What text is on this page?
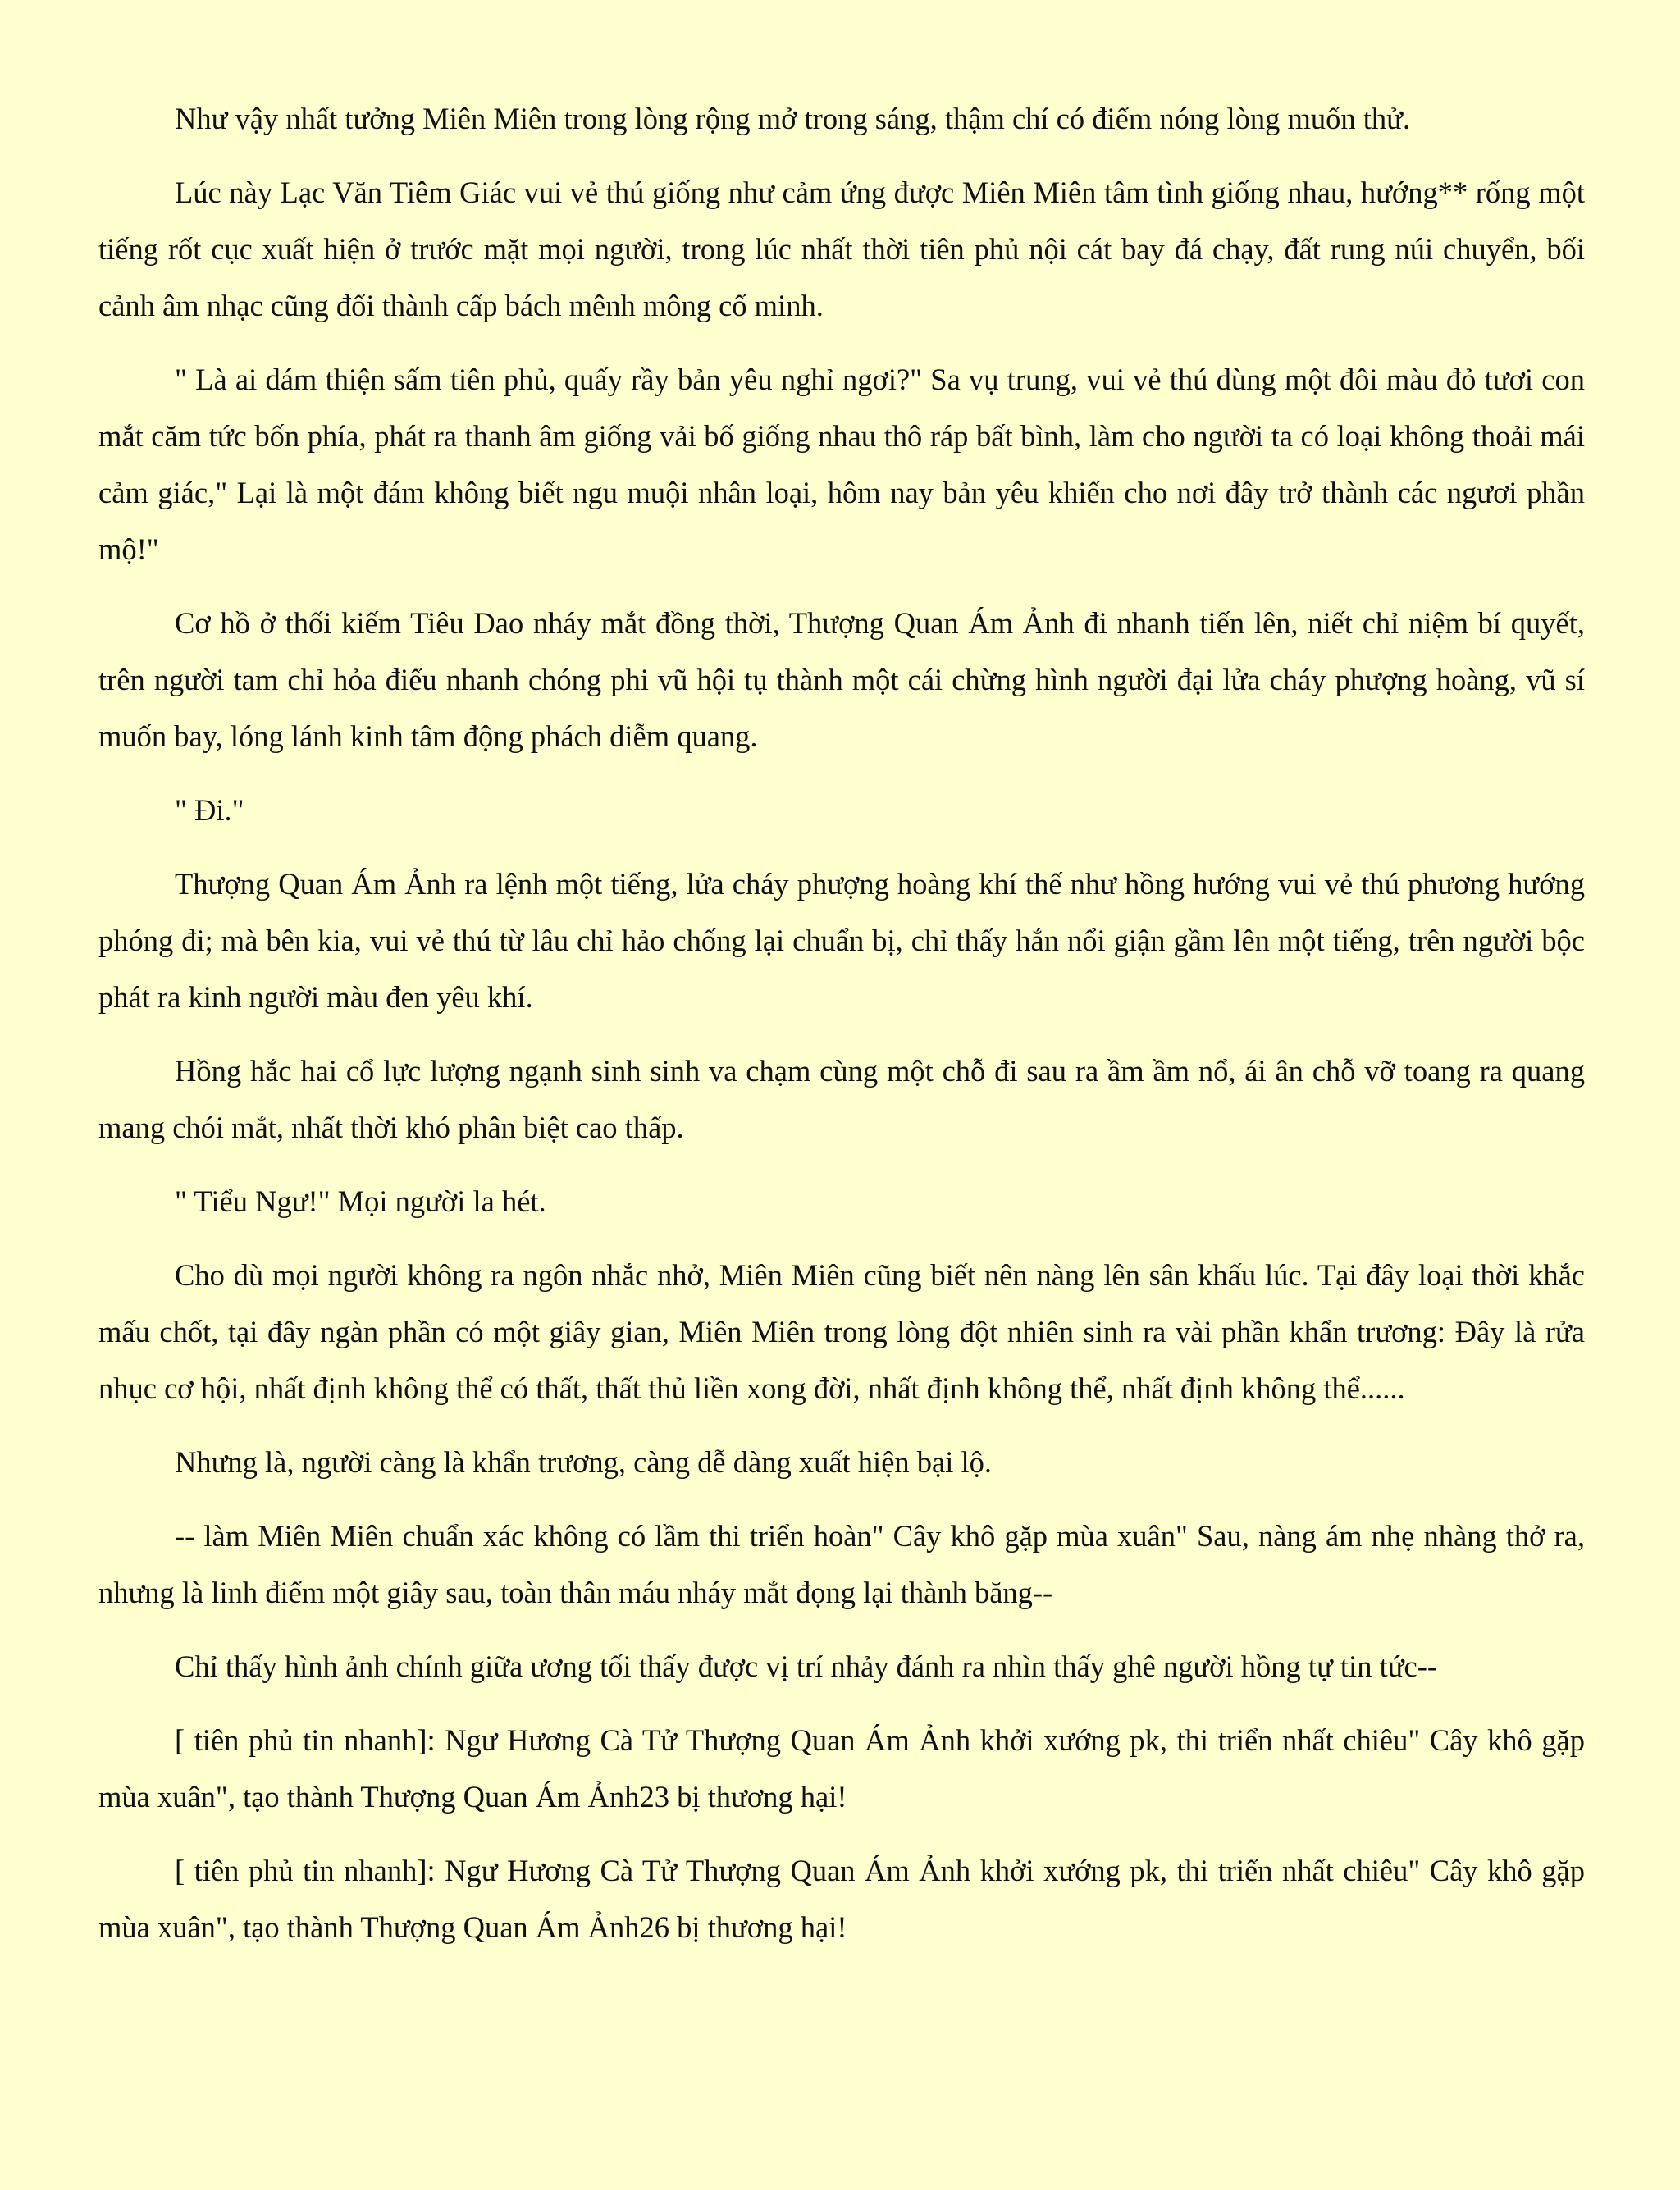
Như vậy nhất tưởng Miên Miên trong lòng rộng mở trong sáng, thậm chí có điểm nóng lòng muốn thử.

Lúc này Lạc Văn Tiêm Giác vui vẻ thú giống như cảm ứng được Miên Miên tâm tình giống nhau, hướng** rống một tiếng rốt cục xuất hiện ở trước mặt mọi người, trong lúc nhất thời tiên phủ nội cát bay đá chạy, đất rung núi chuyển, bối cảnh âm nhạc cũng đổi thành cấp bách mênh mông cổ minh.

" Là ai dám thiện sấm tiên phủ, quấy rầy bản yêu nghỉ ngơi?" Sa vụ trung, vui vẻ thú dùng một đôi màu đỏ tươi con mắt căm tức bốn phía, phát ra thanh âm giống vải bố giống nhau thô ráp bất bình, làm cho người ta có loại không thoải mái cảm giác," Lại là một đám không biết ngu muội nhân loại, hôm nay bản yêu khiến cho nơi đây trở thành các ngươi phần mộ!"

Cơ hồ ở thối kiếm Tiêu Dao nháy mắt đồng thời, Thượng Quan Ám Ảnh đi nhanh tiến lên, niết chỉ niệm bí quyết, trên người tam chỉ hỏa điểu nhanh chóng phi vũ hội tụ thành một cái chừng hình người đại lửa cháy phượng hoàng, vũ sí muốn bay, lóng lánh kinh tâm động phách diễm quang.

" Đi."

Thượng Quan Ám Ảnh ra lệnh một tiếng, lửa cháy phượng hoàng khí thế như hồng hướng vui vẻ thú phương hướng phóng đi; mà bên kia, vui vẻ thú từ lâu chỉ hảo chống lại chuẩn bị, chỉ thấy hắn nổi giận gầm lên một tiếng, trên người bộc phát ra kinh người màu đen yêu khí.

Hồng hắc hai cổ lực lượng ngạnh sinh sinh va chạm cùng một chỗ đi sau ra ầm ầm nổ, ái ân chỗ vỡ toang ra quang mang chói mắt, nhất thời khó phân biệt cao thấp.

" Tiểu Ngư!" Mọi người la hét.

Cho dù mọi người không ra ngôn nhắc nhở, Miên Miên cũng biết nên nàng lên sân khấu lúc. Tại đây loại thời khắc mấu chốt, tại đây ngàn phần có một giây gian, Miên Miên trong lòng đột nhiên sinh ra vài phần khẩn trương: Đây là rửa nhục cơ hội, nhất định không thể có thất, thất thủ liền xong đời, nhất định không thể, nhất định không thể......

Nhưng là, người càng là khẩn trương, càng dễ dàng xuất hiện bại lộ.

-- làm Miên Miên chuẩn xác không có lầm thi triển hoàn" Cây khô gặp mùa xuân" Sau, nàng ám nhẹ nhàng thở ra, nhưng là linh điểm một giây sau, toàn thân máu nháy mắt đọng lại thành băng--

Chỉ thấy hình ảnh chính giữa ương tối thấy được vị trí nhảy đánh ra nhìn thấy ghê người hồng tự tin tức--

[ tiên phủ tin nhanh]: Ngư Hương Cà Tử Thượng Quan Ám Ảnh khởi xướng pk, thi triển nhất chiêu" Cây khô gặp mùa xuân", tạo thành Thượng Quan Ám Ảnh23 bị thương hại!

[ tiên phủ tin nhanh]: Ngư Hương Cà Tử Thượng Quan Ám Ảnh khởi xướng pk, thi triển nhất chiêu" Cây khô gặp mùa xuân", tạo thành Thượng Quan Ám Ảnh26 bị thương hại!
